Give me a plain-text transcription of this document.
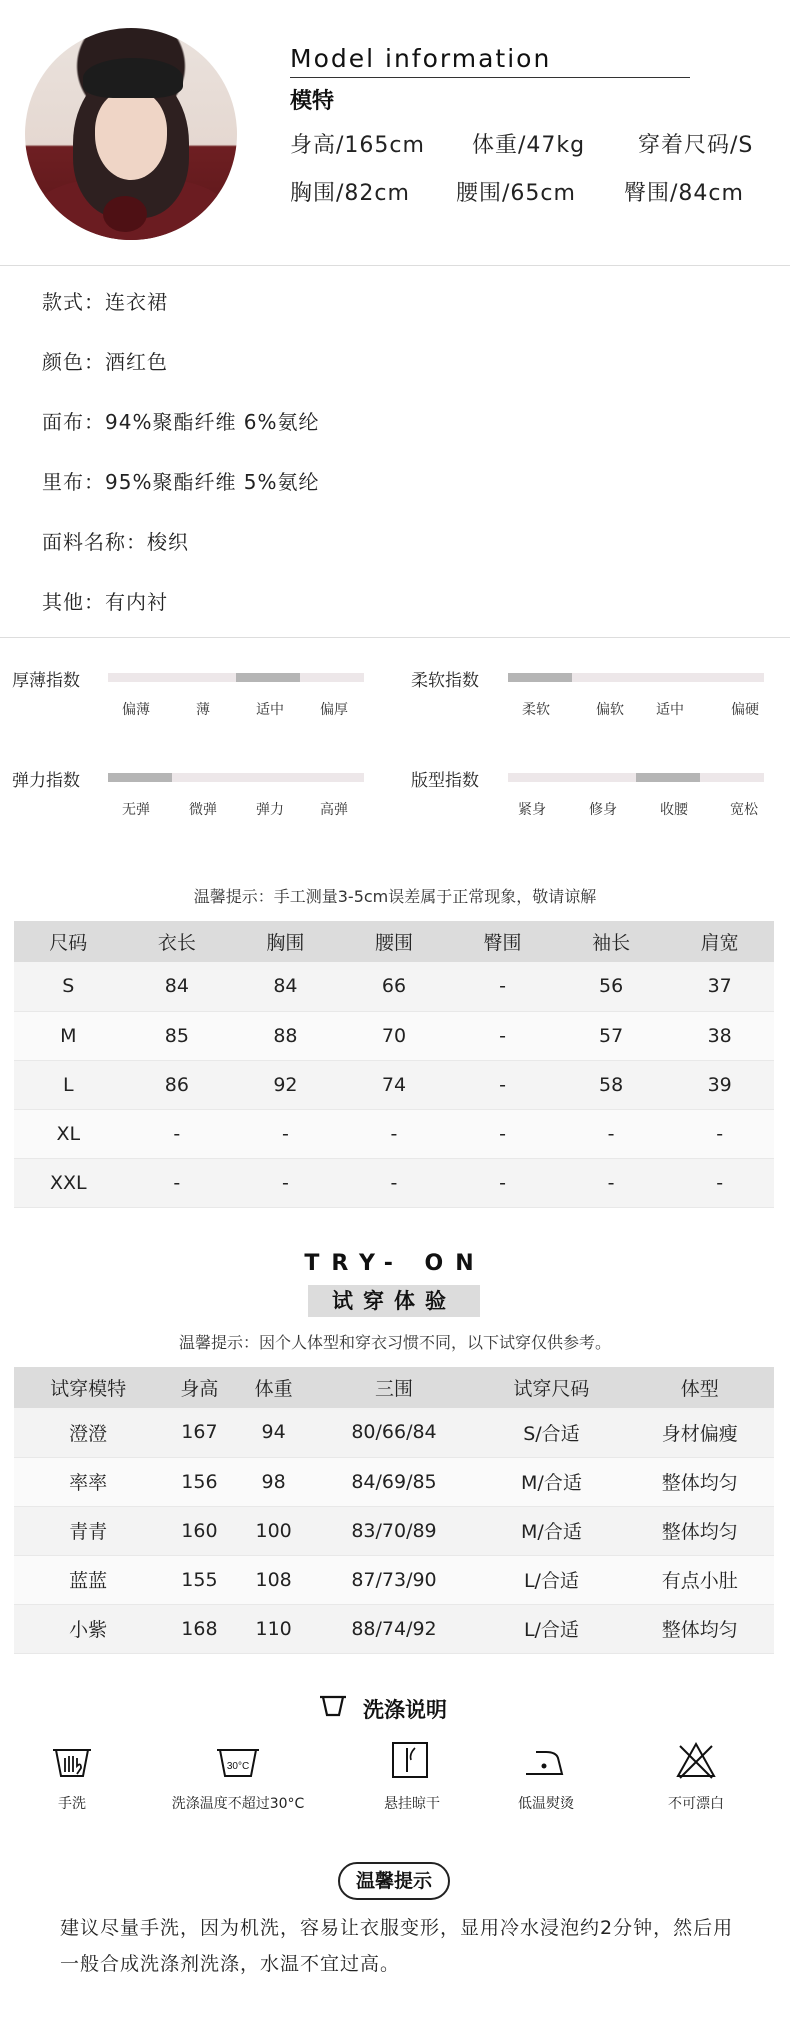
Model information
模特
身高/165cm 体重/47kg 穿着尺码/S
胸围/82cm 腰围/65cm 臀围/84cm
款式：连衣裙
颜色：酒红色
面布：94%聚酯纤维 6%氨纶
里布：95%聚酯纤维 5%氨纶
面料名称：梭织
其他：有内衬
厚薄指数
偏薄	薄	适中	偏厚
柔软指数
柔软	偏软	适中	偏硬
弹力指数
无弹	微弹	弹力	高弹
版型指数
紧身	修身	收腰	宽松
温馨提示：手工测量3-5cm误差属于正常现象，敬请谅解
尺码	衣长	胸围	腰围	臀围	袖长	肩宽
S	84	84	66	-	56	37
M	85	88	70	-	57	38
L	86	92	74	-	58	39
XL	-	-	-	-	-	-
XXL	-	-	-	-	-	-
TRY- ON
试穿体验
温馨提示：因个人体型和穿衣习惯不同，以下试穿仅供参考。
试穿模特	身高	体重	三围	试穿尺码	体型
澄澄	167	94	80/66/84	S/合适	身材偏瘦
率率	156	98	84/69/85	M/合适	整体均匀
青青	160	100	83/70/89	M/合适	整体均匀
蓝蓝	155	108	87/73/90	L/合适	有点小肚
小紫	168	110	88/74/92	L/合适	整体均匀
洗涤说明
30°C
手洗	洗涤温度不超过30°C	悬挂晾干	低温熨烫	不可漂白
温馨提示
建议尽量手洗，因为机洗，容易让衣服变形，显用冷水浸泡约2分钟，然后用一般合成洗涤剂洗涤，水温不宜过高。
